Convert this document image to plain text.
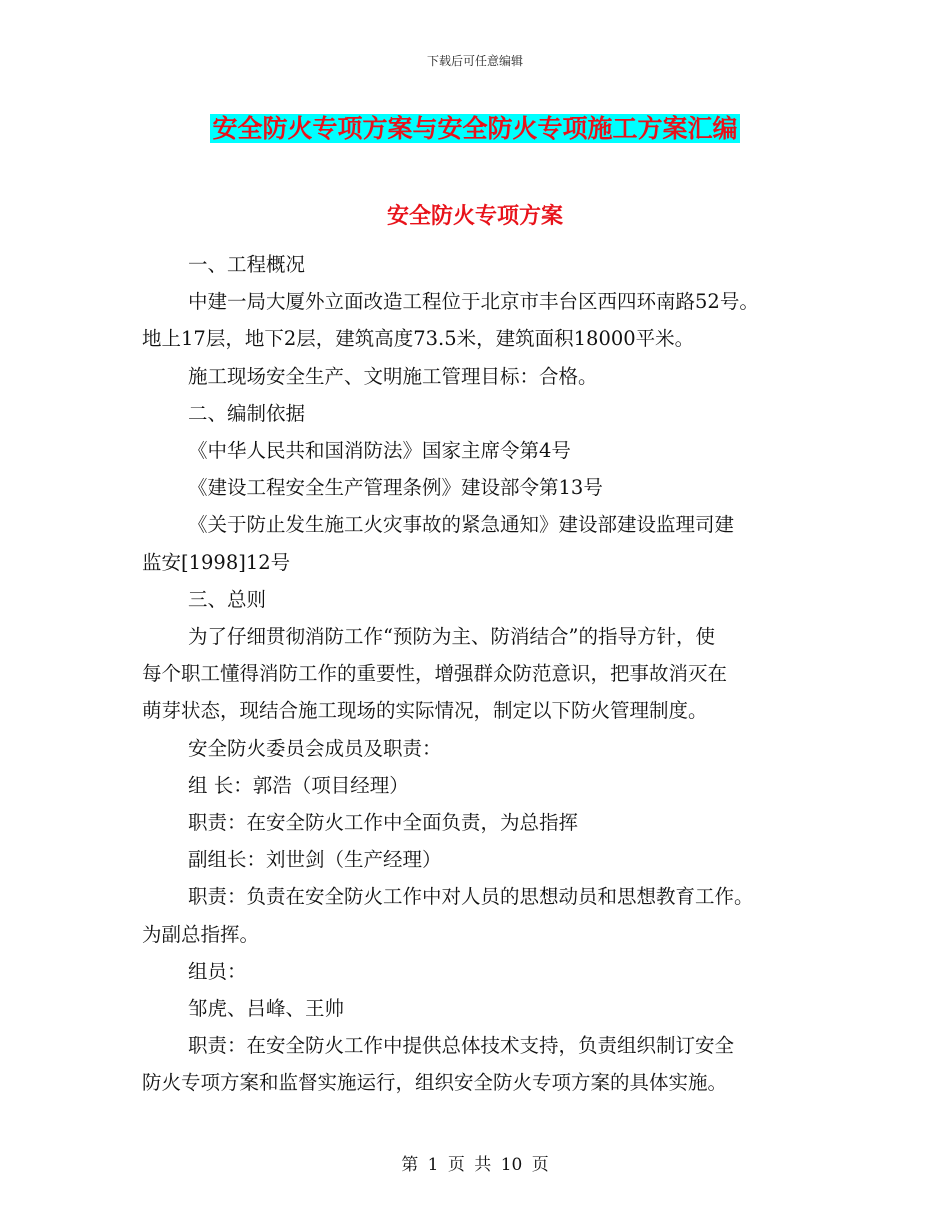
下载后可任意编辑
安全防火专项方案与安全防火专项施工方案汇编
安全防火专项方案

一、工程概况

中建一局大厦外立面改造工程位于北京市丰台区西四环南路52号。

地上17层，地下2层，建筑高度73.5米，建筑面积18000平米。

施工现场安全生产、文明施工管理目标：合格。

二、编制依据

《中华人民共和国消防法》国家主席令第4号

《建设工程安全生产管理条例》建设部令第13号

《关于防止发生施工火灾事故的紧急通知》建设部建设监理司建

监安[1998]12号

三、总则

为了仔细贯彻消防工作“预防为主、防消结合”的指导方针，使

每个职工懂得消防工作的重要性，增强群众防范意识，把事故消灭在

萌芽状态，现结合施工现场的实际情况，制定以下防火管理制度。

安全防火委员会成员及职责：

组 长：郭浩（项目经理）

职责：在安全防火工作中全面负责，为总指挥

副组长：刘世剑（生产经理）

职责：负责在安全防火工作中对人员的思想动员和思想教育工作。

为副总指挥。

组员：

邹虎、吕峰、王帅

职责：在安全防火工作中提供总体技术支持，负责组织制订安全

防火专项方案和监督实施运行，组织安全防火专项方案的具体实施。

第 1 页 共 10 页
